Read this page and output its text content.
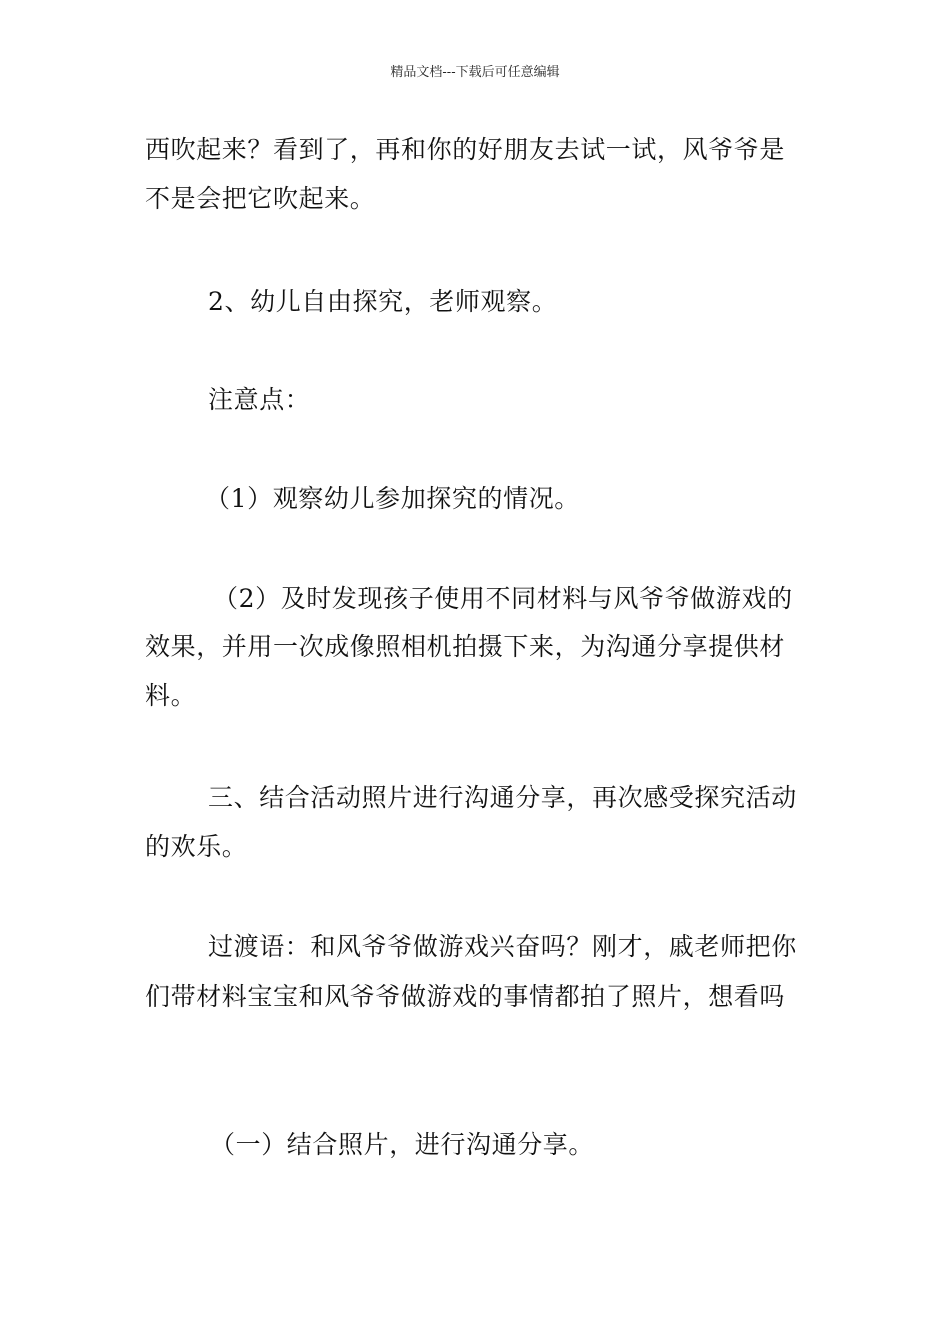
精品文档---下载后可任意编辑
西吹起来？看到了，再和你的好朋友去试一试，风爷爷是
不是会把它吹起来。
2、幼儿自由探究，老师观察。
注意点：
（1）观察幼儿参加探究的情况。
（2）及时发现孩子使用不同材料与风爷爷做游戏的
效果，并用一次成像照相机拍摄下来，为沟通分享提供材
料。
三、结合活动照片进行沟通分享，再次感受探究活动
的欢乐。
过渡语：和风爷爷做游戏兴奋吗？刚才，戚老师把你
们带材料宝宝和风爷爷做游戏的事情都拍了照片，想看吗
（一）结合照片，进行沟通分享。
